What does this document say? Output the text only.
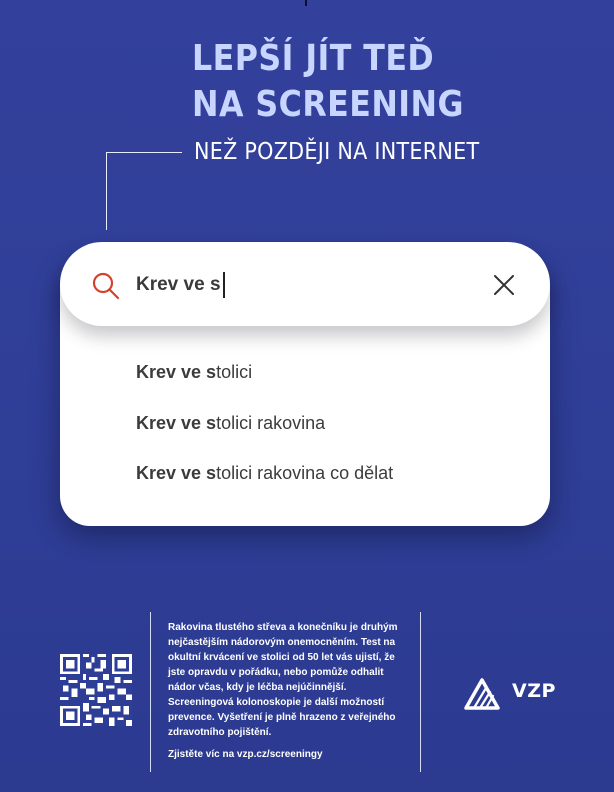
LEPŠÍ JÍT TEĎ
NA SCREENING
NEŽ POZDĚJI NA INTERNET
Krev ve s
Krev ve stolici
Krev ve stolici rakovina
Krev ve stolici rakovina co dělat

Rakovina tlustého střeva a konečníku je druhým nejčastějším nádorovým onemocněním. Test na okultní krvácení ve stolici od 50 let vás ujistí, že jste opravdu v pořádku, nebo pomůže odhalit nádor včas, kdy je léčba nejúčinnější. Screeningová kolonoskopie je další možností prevence. Vyšetření je plně hrazeno z veřejného zdravotního pojištění.

Zjistěte víc na vzp.cz/screeningy
VZP
